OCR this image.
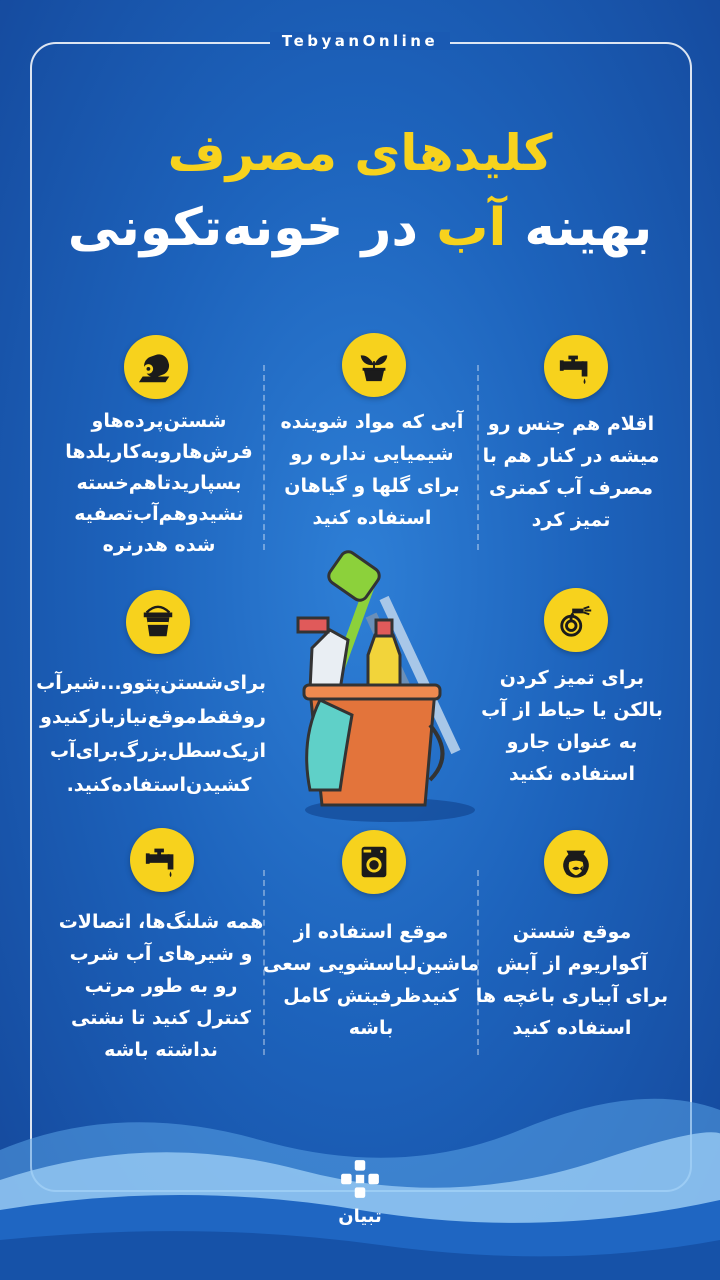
TebyanOnline
کلیدهای مصرف
بهینه آب در خونه‌تکونی
اقلام هم جنس رو میشه در کنار هم با مصرف آب کمتری تمیز کرد
آبی که مواد شوینده شیمیایی نداره رو برای گلها و گیاهان استفاده کنید
شستن‌پرده‌هاو فرش‌هاروبه‌کاربلدها بسپارید‌تاهم‌خسته نشیدوهم‌آب‌تصفیه شده هدرنره
برای تمیز کردن بالکن یا حیاط از آب به عنوان جارو استفاده نکنید
برای‌شستن‌پتوو...شیرآب روفقط‌موقع‌نیازبازکنیدو ازیک‌سطل‌بزرگ‌برای‌آب کشیدن‌استفاده‌کنید.
موقع شستن آکواریوم از آبش برای آبیاری باغچه ها استفاده کنید
موقع استفاده از ماشین‌لباسشویی سعی کنید‌ظرفیتش کامل باشه
همه شلنگ‌ها، اتصالات و شیرهای آب شرب رو به طور مرتب کنترل کنید تا نشتی نداشته باشه
تبیان
